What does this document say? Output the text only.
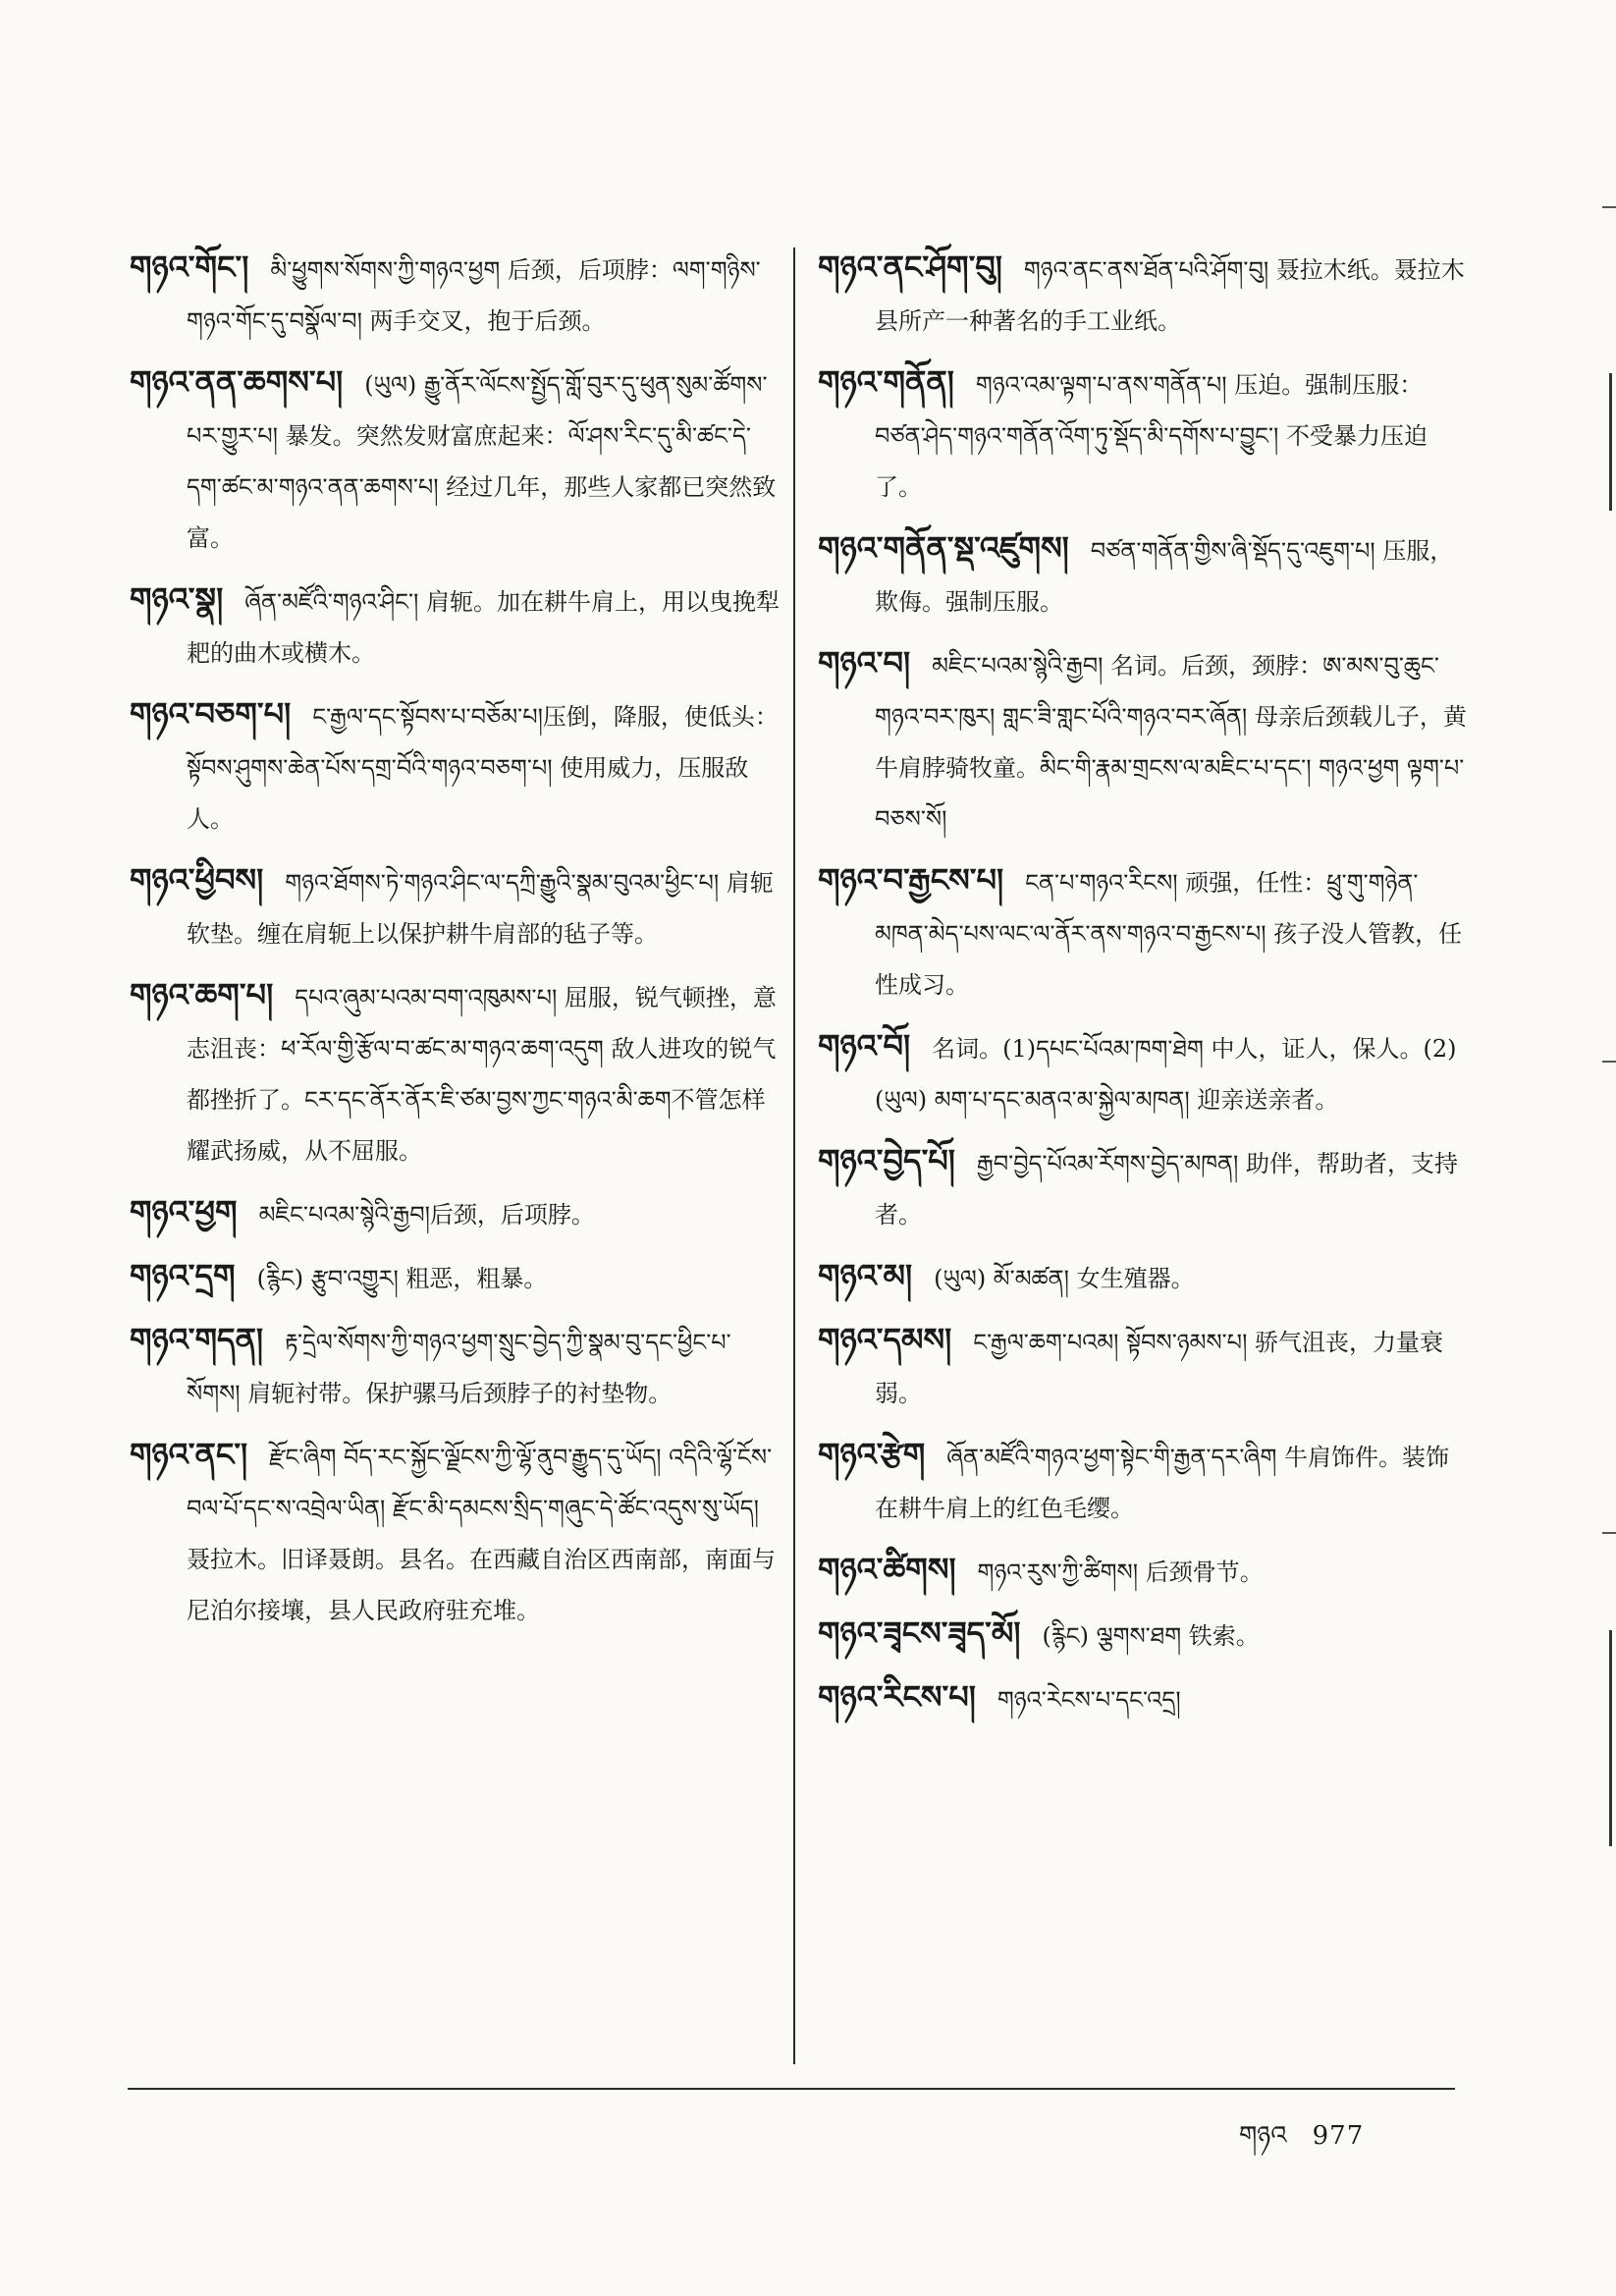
གཉའ་གོང་། མི་ཕྱུགས་སོགས་ཀྱི་གཉའ་ཕྱག 后颈，后项脖：ལག་གཉིས་གཉའ་གོང་དུ་བསྣོལ་བ། 两手交叉，抱于后颈。
གཉའ་ནན་ཆགས་པ། (ཡུལ) རྒྱུ་ནོར་ལོངས་སྤྱོད་གློ་བུར་དུ་ཕུན་སུམ་ཚོགས་པར་གྱུར་པ། 暴发。突然发财富庶起来：ལོ་ཤས་རིང་དུ་མི་ཚང་དེ་དག་ཚང་མ་གཉའ་ནན་ཆགས་པ། 经过几年，那些人家都已突然致富。
གཉའ་སྣ། ཞོན་མཛོའི་གཉའ་ཤིང་། 肩轭。加在耕牛肩上，用以曳挽犁耙的曲木或横木。
གཉའ་བཅག་པ། ང་རྒྱལ་དང་སྟོབས་པ་བཅོམ་པ།压倒，降服，使低头：སྟོབས་ཤུགས་ཆེན་པོས་དགྲ་བོའི་གཉའ་བཅག་པ། 使用威力，压服敌人。
གཉའ་ཕྱིབས། གཉའ་ཐོགས་ཏེ་གཉའ་ཤིང་ལ་དཀྲི་རྒྱུའི་སྣམ་བུའམ་ཕྱིང་པ། 肩轭软垫。缠在肩轭上以保护耕牛肩部的毡子等。
གཉའ་ཆག་པ། དཔའ་ཞུམ་པའམ་བག་འཁུམས་པ། 屈服，锐气顿挫，意志沮丧：ཕ་རོལ་གྱི་རྩོལ་བ་ཚང་མ་གཉའ་ཆག་འདུག 敌人进攻的锐气都挫折了。ངར་དང་ནོར་ནོར་ཇི་ཙམ་བྱས་ཀྱང་གཉའ་མི་ཆག不管怎样耀武扬威，从不屈服。
གཉའ་ཕྱག མཇིང་པའམ་སྙེའི་རྒྱབ།后颈，后项脖。
གཉའ་དྲག (རྙིང) རྩུབ་འགྱུར། 粗恶，粗暴。
གཉའ་གདན། རྟ་དྲེལ་སོགས་ཀྱི་གཉའ་ཕྱག་སྲུང་བྱེད་ཀྱི་སྣམ་བུ་དང་ཕྱིང་པ་སོགས། 肩轭衬带。保护骡马后颈脖子的衬垫物。
གཉའ་ནང་། རྫོང་ཞིག བོད་རང་སྐྱོང་ལྗོངས་ཀྱི་ལྷོ་ནུབ་རྒྱུད་དུ་ཡོད། འདིའི་ལྷོ་ངོས་བལ་པོ་དང་ས་འབྲེལ་ཡིན། རྫོང་མི་དམངས་སྲིད་གཞུང་དེ་ཚོང་འདུས་སུ་ཡོད། 聂拉木。旧译聂朗。县名。在西藏自治区西南部，南面与尼泊尔接壤，县人民政府驻充堆。
གཉའ་ནང་ཤོག་བུ། གཉའ་ནང་ནས་ཐོན་པའི་ཤོག་བུ། 聂拉木纸。聂拉木县所产一种著名的手工业纸。
གཉའ་གནོན། གཉའ་འམ་ལྟག་པ་ནས་གནོན་པ། 压迫。强制压服：བཙན་ཤེད་གཉའ་གནོན་འོག་ཏུ་སྡོད་མི་དགོས་པ་བྱུང་། 不受暴力压迫了。
གཉའ་གནོན་སྡ་འཛུགས། བཙན་གནོན་གྱིས་ཞི་སྡོད་དུ་འཇུག་པ། 压服，欺侮。强制压服。
གཉའ་བ། མཇིང་པའམ་སྙེའི་རྒྱབ། 名词。后颈，颈脖：ཨ་མས་བུ་ཆུང་གཉའ་བར་ཁུར། གླང་ཟི་གླང་པོའི་གཉའ་བར་ཞོན། 母亲后颈载儿子，黄牛肩脖骑牧童。མིང་གི་རྣམ་གྲངས་ལ་མཇིང་པ་དང་། གཉའ་ཕྱག ལྟག་པ་བཅས་སོ།
གཉའ་བ་རྒྱངས་པ། ངན་པ་གཉའ་རིངས། 顽强，任性：ཕྲུ་གུ་གཉེན་མཁན་མེད་པས་ལང་ལ་ནོར་ནས་གཉའ་བ་རྒྱངས་པ། 孩子没人管教，任性成习。
གཉའ་བོ། 名词。(1)དཔང་པོའམ་ཁག་ཐེག 中人，证人，保人。(2)(ཡུལ) མག་པ་དང་མནའ་མ་སྐྱེལ་མཁན། 迎亲送亲者。
གཉའ་བྱེད་པོ། རྒྱབ་བྱེད་པོའམ་རོགས་བྱེད་མཁན། 助伴，帮助者，支持者。
གཉའ་མ། (ཡུལ) མོ་མཚན། 女生殖器。
གཉའ་དམས། ང་རྒྱལ་ཆག་པའམ། སྟོབས་ཉམས་པ། 骄气沮丧，力量衰弱。
གཉའ་རྩེག ཞོན་མཛོའི་གཉའ་ཕྱག་སྟེང་གི་རྒྱན་དར་ཞིག 牛肩饰件。装饰在耕牛肩上的红色毛缨。
གཉའ་ཚིགས། གཉའ་རུས་ཀྱི་ཚིགས། 后颈骨节。
གཉའ་ཟྭངས་ཟྭད་མོ། (རྙིང) ལྕགས་ཐག 铁索。
གཉའ་རིངས་པ། གཉའ་རེངས་པ་དང་འདྲ།
གཉའ 977
